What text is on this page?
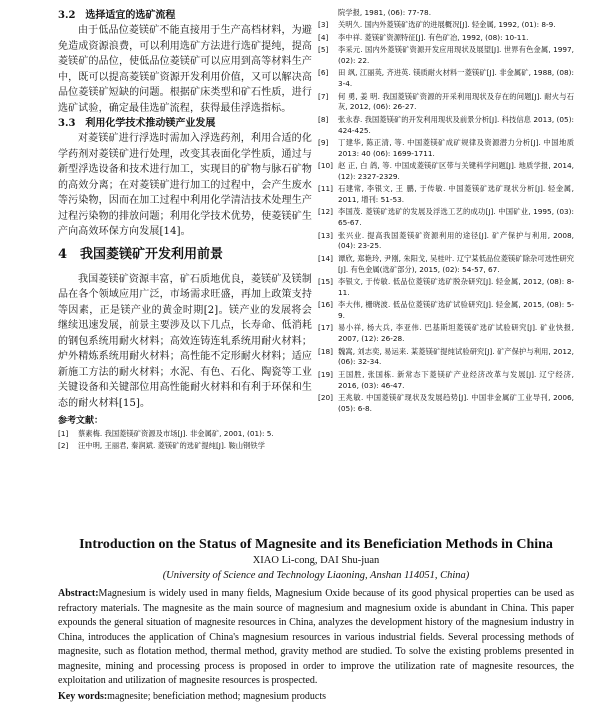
3.2　选择适宜的选矿流程

由于低品位菱镁矿不能直接用于生产高档材料，为避免造成资源浪费，可以利用选矿方法进行选矿提纯，提高菱镁矿的品位，使低品位菱镁矿可以应用到高等材料生产中，既可以提高菱镁矿资源开发利用价值，又可以解决高品位菱镁矿短缺的问题。根据矿床类型和矿石性质，进行选矿试验，确定最佳选矿流程，获得最佳浮选指标。

3.3　利用化学技术推动镁产业发展

对菱镁矿进行浮选时需加入浮选药剂，利用合适的化学药剂对菱镁矿进行处理，改变其表面化学性质，通过与新型浮选设备和技术进行加工，实现目的矿物与脉石矿物的高效分离；在对菱镁矿进行加工的过程中，会产生废水等污染物，因而在加工过程中利用化学清洁技术处理生产过程污染物的排放问题；利用化学技术优势，使菱镁矿生产向高效环保方向发展[14]。

4　我国菱镁矿开发利用前景

我国菱镁矿资源丰富，矿石质地优良，菱镁矿及镁制品在各个领域应用广泛，市场需求旺盛，再加上政策支持等因素，正是镁产业的黄金时期[2]。镁产业的发展将会继续迅速发展，前景主要涉及以下几点，长寿命、低消耗的钢包系统用耐火材料；高效连铸连轧系统用耐火材料；炉外精炼系统用耐火材料；高性能不定形耐火材料；适应新施工方法的耐火材料；水泥、有色、石化、陶瓷等工业关键设备和关键部位用高性能耐火材料和有利于环保和生态的耐火材料[15]。

参考文献：
[1]	蔡素梅. 我国菱镁矿资源及市场[J]. 非金属矿, 2001, (01): 5.
[2]	汪中明, 王丽君, 秦润斌. 菱镁矿的选矿提纯[J]. 鞍山钢铁学
院学报, 1981, (06): 77-78.
[3]	关明久. 国内外菱镁矿选矿的进展概况[J]. 轻金属, 1992, (01): 8-9.
[4]	李中祥. 菱镁矿资源特征[J]. 有色矿冶, 1992, (08): 10-11.
[5]	李采元. 国内外菱镁矿资源开发应用现状及展望[J]. 世界有色金属, 1997, (02): 22.
[6]	田 飒, 江丽英, 齐进英. 镁质耐火材料一菱镁矿[J]. 非金属矿, 1988, (08): 3-4.
[7]	何 勇, 姜 明. 我国菱镁矿资源的开采利用现状及存在的问题[J]. 耐火与石灰, 2012, (06): 26-27.
[8]	张永春. 我国菱镁矿的开发利用现状及前景分析[J]. 科技信息 2013, (05): 424-425.
[9]	丁建华, 陈正清, 等. 中国菱镁矿成矿规律及资源潜力分析[J]. 中国地质 2013: 40 (06): 1699-1711.
[10] 赵 正, 白 鸽, 等. 中国成菱镁矿区带与关键科学问题[J]. 地质学报, 2014, (12): 2327-2329.
[11] 石建常, 李银文, 王 鹏, 于传敏. 中国菱镁矿选矿现状分析[J]. 轻金属, 2011, 增刊: 51-53.
[12] 李国茂. 菱镁矿选矿的发展及浮选工艺的成功[J]. 中国矿业, 1995, (03): 65-67.
[13] 张兴业. 提高我国菱镁矿资源利用的途径[J]. 矿产保护与利用, 2008, (04): 23-25.
[14] 谭欣, 郑艳玲, 尹刚, 朱阳戈, 吴桂叶. 辽宁某低品位菱镁矿除杂可选性研究[J]. 有色金属(选矿部分), 2015, (02): 54-57, 67.
[15] 李银文, 于传敏. 低品位菱镁矿选矿脱杂研究[J]. 轻金属, 2012, (08): 8-11.
[16] 李大伟, 栅晓波. 低品位菱镁矿选矿试验研究[J]. 轻金属, 2015, (08): 5-9.
[17] 易小祥, 杨大兵, 李亚伟. 巴基斯坦菱镁矿选矿试验研究[J]. 矿业快报, 2007, (12): 26-28.
[18] 魏嵩, 刘志奕, 易运来. 某菱镁矿提纯试验研究[J]. 矿产保护与利用, 2012, (06): 32-34.
[19] 王国胜, 张国栋. 新常态下菱镁矿产业经济改革与发展[J]. 辽宁经济, 2016, (03): 46-47.
[20] 王兆敏. 中国菱镁矿现状及发展趋势[J]. 中国非金属矿工业导刊, 2006, (05): 6-8.
Introduction on the Status of Magnesite and its Beneficiation Methods in China
XIAO Li-cong, DAI Shu-juan
(University of Science and Technology Liaoning, Anshan 114051, China)

Abstract:Magnesium is widely used in many fields, Magnesium Oxide because of its good physical properties can be used as refractory materials. The magnesite as the main source of magnesium and magnesium oxide is abundant in China. This paper expounds the general situation of magnesite resources in China, analyzes the development history of the magnesium industry in China, introduces the application of China's magnesium resources in various industrial fields. Several processing methods of magnesite, such as flotation method, thermal method, gravity method are studied. To solve the existing problems presented in magnesite, mining and processing process is proposed in order to improve the utilization rate of magnesite resources, the exploitation and utilization of magnesite resources is prospected.

Key words:magnesite; beneficiation method; magnesium products
